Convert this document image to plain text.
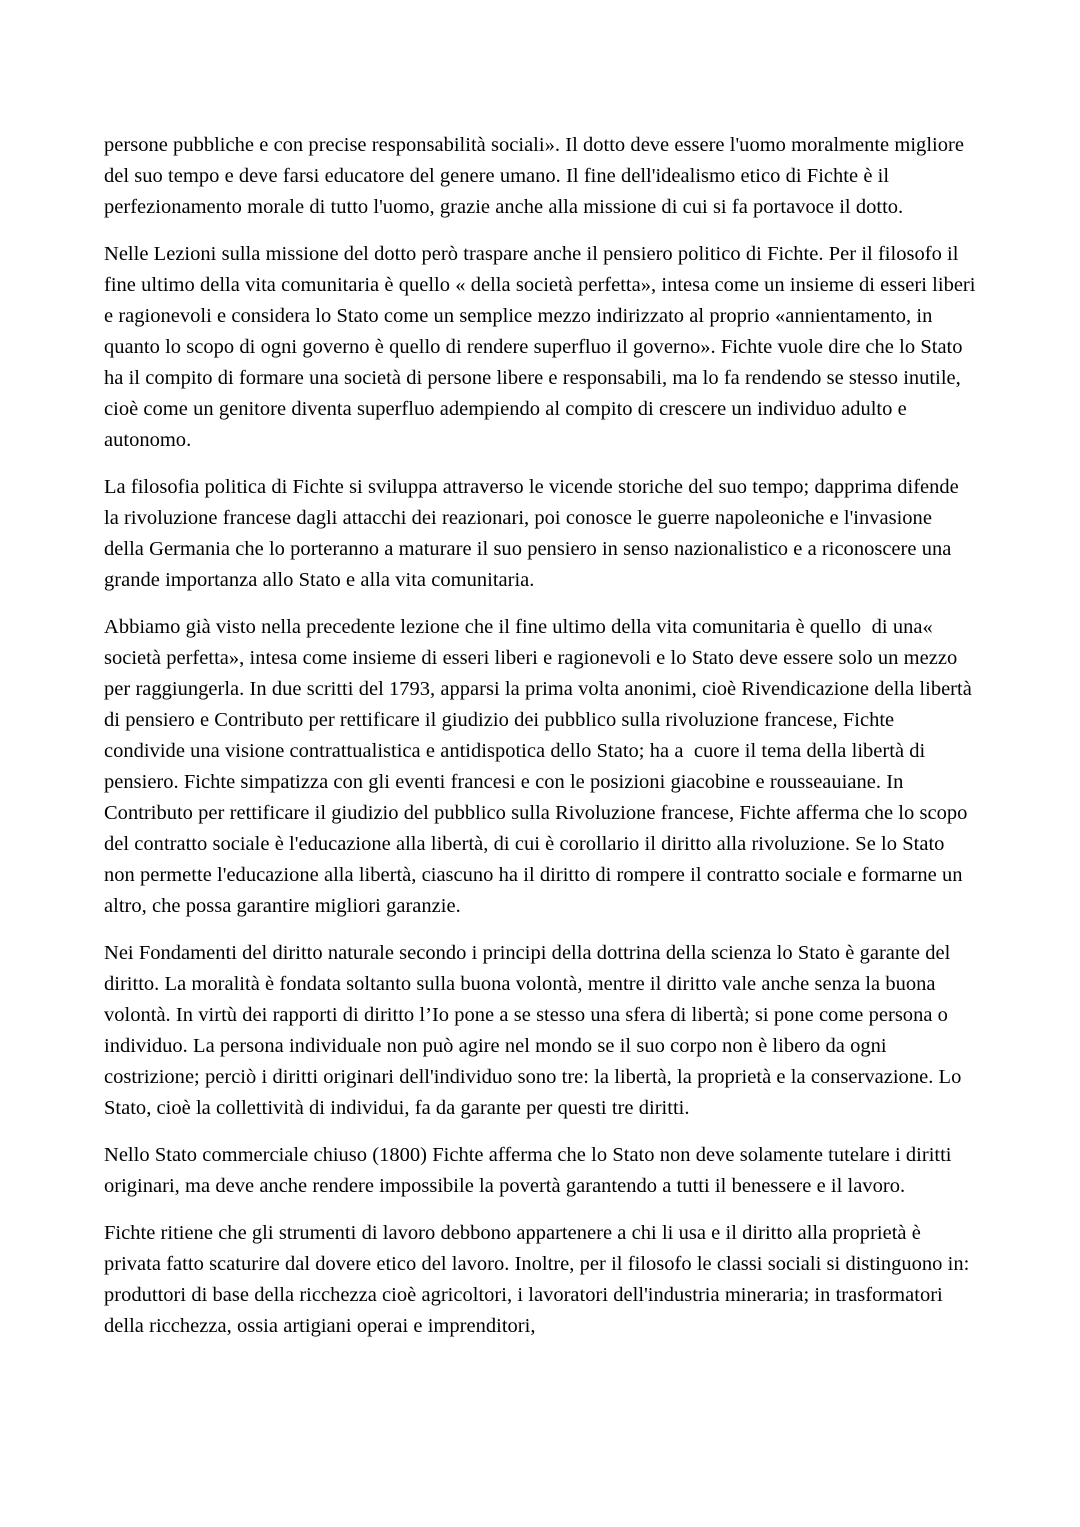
persone pubbliche e con precise responsabilità sociali». Il dotto deve essere l'uomo moralmente migliore del suo tempo e deve farsi educatore del genere umano. Il fine dell'idealismo etico di Fichte è il perfezionamento morale di tutto l'uomo, grazie anche alla missione di cui si fa portavoce il dotto.

Nelle Lezioni sulla missione del dotto però traspare anche il pensiero politico di Fichte. Per il filosofo il fine ultimo della vita comunitaria è quello « della società perfetta», intesa come un insieme di esseri liberi e ragionevoli e considera lo Stato come un semplice mezzo indirizzato al proprio «annientamento, in quanto lo scopo di ogni governo è quello di rendere superfluo il governo». Fichte vuole dire che lo Stato ha il compito di formare una società di persone libere e responsabili, ma lo fa rendendo se stesso inutile, cioè come un genitore diventa superfluo adempiendo al compito di crescere un individuo adulto e autonomo.

La filosofia politica di Fichte si sviluppa attraverso le vicende storiche del suo tempo; dapprima difende la rivoluzione francese dagli attacchi dei reazionari, poi conosce le guerre napoleoniche e l'invasione della Germania che lo porteranno a maturare il suo pensiero in senso nazionalistico e a riconoscere una grande importanza allo Stato e alla vita comunitaria.

Abbiamo già visto nella precedente lezione che il fine ultimo della vita comunitaria è quello  di una« società perfetta», intesa come insieme di esseri liberi e ragionevoli e lo Stato deve essere solo un mezzo per raggiungerla. In due scritti del 1793, apparsi la prima volta anonimi, cioè Rivendicazione della libertà di pensiero e Contributo per rettificare il giudizio dei pubblico sulla rivoluzione francese, Fichte condivide una visione contrattualistica e antidispotica dello Stato; ha a  cuore il tema della libertà di pensiero. Fichte simpatizza con gli eventi francesi e con le posizioni giacobine e rousseauiane. In Contributo per rettificare il giudizio del pubblico sulla Rivoluzione francese, Fichte afferma che lo scopo del contratto sociale è l'educazione alla libertà, di cui è corollario il diritto alla rivoluzione. Se lo Stato non permette l'educazione alla libertà, ciascuno ha il diritto di rompere il contratto sociale e formarne un altro, che possa garantire migliori garanzie.

Nei Fondamenti del diritto naturale secondo i principi della dottrina della scienza lo Stato è garante del diritto. La moralità è fondata soltanto sulla buona volontà, mentre il diritto vale anche senza la buona volontà. In virtù dei rapporti di diritto l’Io pone a se stesso una sfera di libertà; si pone come persona o individuo. La persona individuale non può agire nel mondo se il suo corpo non è libero da ogni costrizione; perciò i diritti originari dell'individuo sono tre: la libertà, la proprietà e la conservazione. Lo Stato, cioè la collettività di individui, fa da garante per questi tre diritti.

Nello Stato commerciale chiuso (1800) Fichte afferma che lo Stato non deve solamente tutelare i diritti originari, ma deve anche rendere impossibile la povertà garantendo a tutti il benessere e il lavoro.

Fichte ritiene che gli strumenti di lavoro debbono appartenere a chi li usa e il diritto alla proprietà è privata fatto scaturire dal dovere etico del lavoro. Inoltre, per il filosofo le classi sociali si distinguono in: produttori di base della ricchezza cioè agricoltori, i lavoratori dell'industria mineraria; in trasformatori della ricchezza, ossia artigiani operai e imprenditori,
